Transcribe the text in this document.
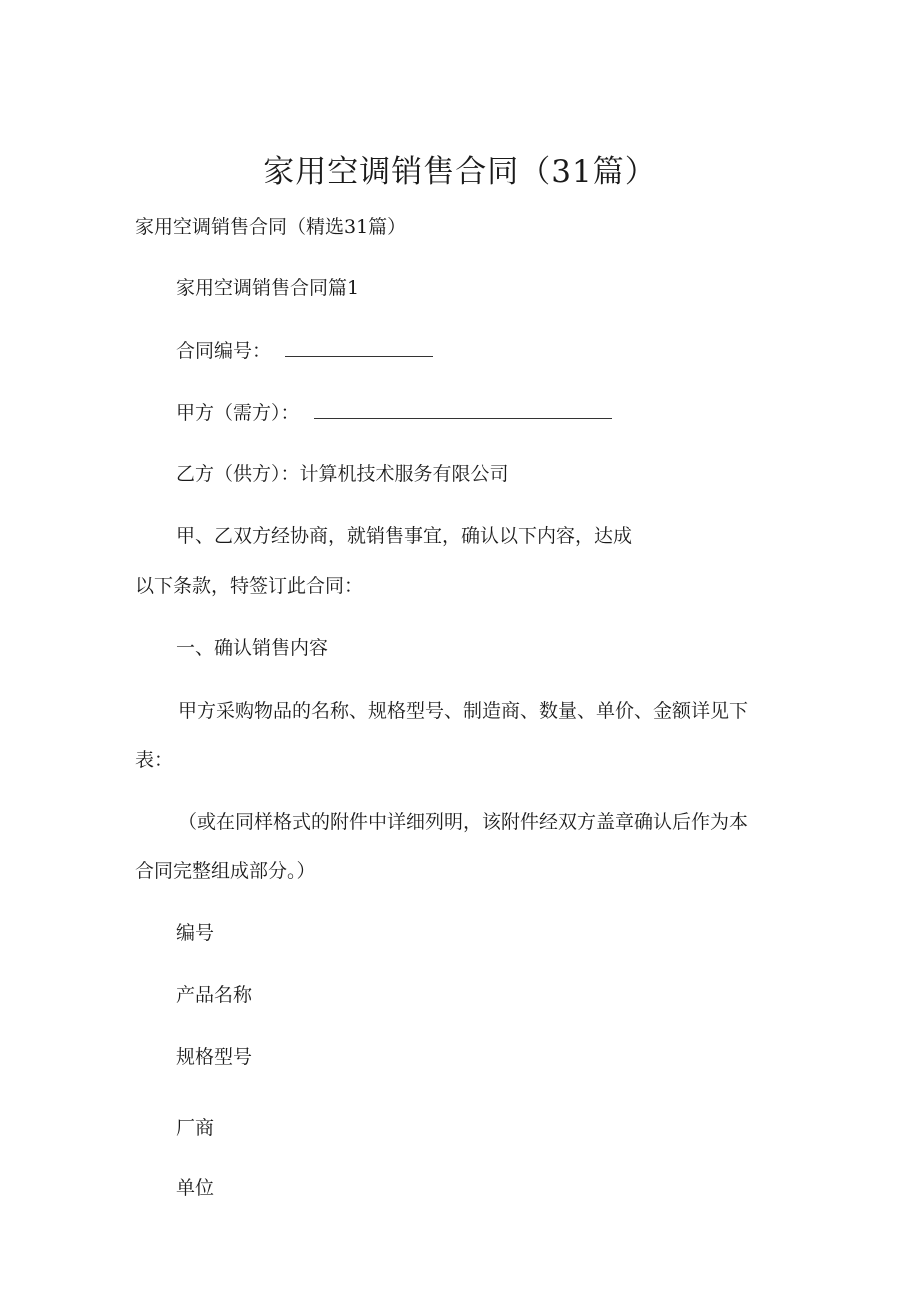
家用空调销售合同（31篇）
家用空调销售合同（精选31篇）
家用空调销售合同篇1
合同编号：
甲方（需方）：
乙方（供方）：计算机技术服务有限公司
甲、乙双方经协商，就销售事宜，确认以下内容，达成
以下条款，特签订此合同：
一、确认销售内容
甲方采购物品的名称、规格型号、制造商、数量、单价、金额详见下
表：
（或在同样格式的附件中详细列明，该附件经双方盖章确认后作为本
合同完整组成部分。）
编号
产品名称
规格型号
厂商
单位
